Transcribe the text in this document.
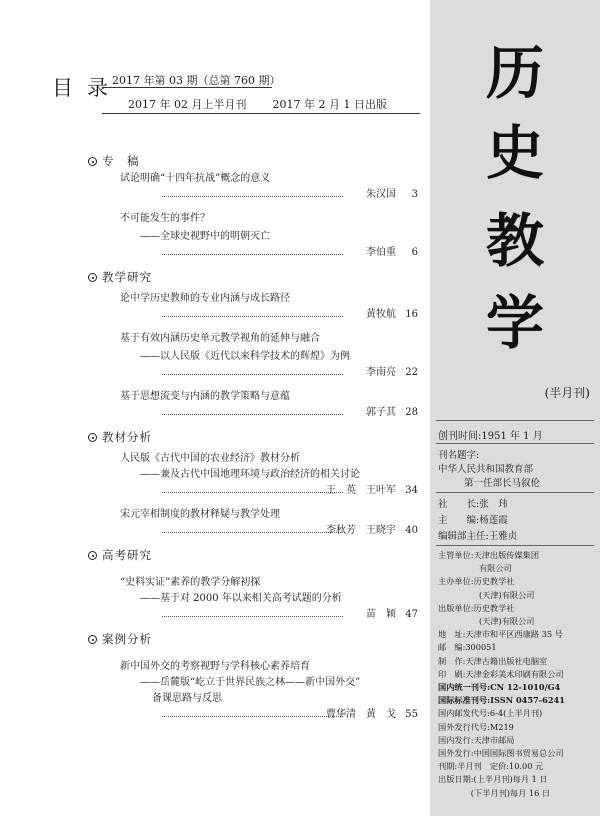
目录
2017 年第 03 期（总第 760 期）
2017 年 02 月上半月刊 2017 年 2 月 1 日出版
专　稿
试论明确“十四年抗战”概念的意义
朱汉国	3
不可能发生的事件？
——全球史视野中的明朝灭亡
李伯重	6
教学研究
论中学历史教师的专业内涵与成长路径
黄牧航 16
基于有效内涵历史单元教学视角的延伸与融合
——以人民版《近代以来科学技术的辉煌》为例
李南亮 22
基于思想流变与内涵的教学策略与意蕴
郭子其 28
教材分析
人民版《古代中国的农业经济》教材分析
——兼及古代中国地理环境与政治经济的相关讨论
王　英　王叶军 34
宋元宰相制度的教材释疑与教学处理
李秋芳　王晓宇 40
高考研究
“史料实证”素养的教学分解初探
——基于对 2000 年以来相关高考试题的分析
苗　颖 47
案例分析
新中国外交的考察视野与学科核心素养培育
——岳麓版“屹立于世界民族之林——新中国外交”
备课思路与反思
曹华清　黄　戈 55
历
史
教
学
(半月刊)
创刊时间:1951 年 1 月
刊名题字:
中华人民共和国教育部
第一任部长马叙伦
社　　长:张　玮
主　　编:杨莲霞
编辑部主任:王雅贞
主管单位:天津出版传媒集团
　　　　　有限公司
主办单位:历史教学社
　　　　　(天津)有限公司
出版单位:历史教学社
　　　　　(天津)有限公司
地　址:天津市和平区西康路 35 号
邮　编:300051
制　作:天津古籍出版社电脑室
印　刷:天津金彩美术印刷有限公司
国内统一刊号:CN 12-1010/G4
国际标准刊号:ISSN 0457-6241
国内邮发代号:6-4(上半月刊)
国外发行代号:M219
国内发行:天津市邮局
国外发行:中国国际图书贸易总公司
刊期:半月刊　定价:10.00 元
出版日期:(上半月刊)每月 1 日
　　　　(下半月刊)每月 16 日
